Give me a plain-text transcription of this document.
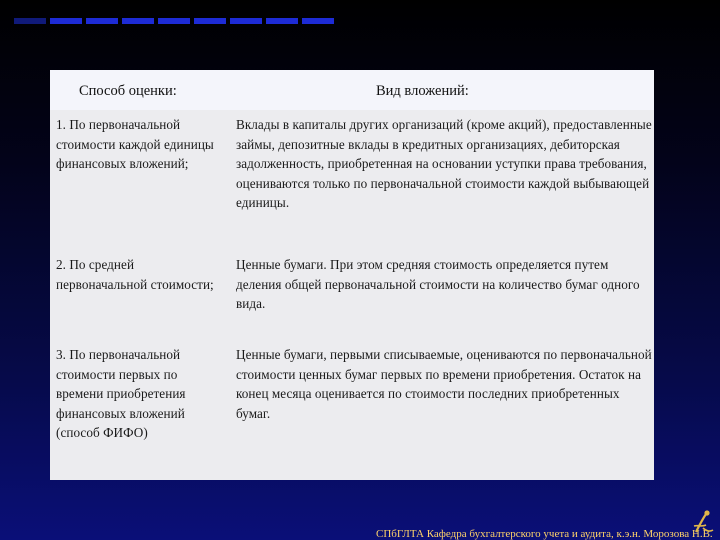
Способ оценки:	Вид вложений:
1. По первоначальной стоимости каждой единицы финансовых вложений;
Вклады в капиталы других организаций (кроме акций), предоставленные займы, депозитные вклады в кредитных организациях, дебиторская задолженность, приобретенная на основании уступки права требования, оцениваются только по первоначальной стоимости каждой выбывающей единицы.
2. По средней первоначальной стоимости;
Ценные бумаги. При этом средняя стоимость определяется путем деления общей первоначальной стоимости на количество бумаг одного вида.
3. По первоначальной стоимости первых по времени приобретения финансовых вложений (способ ФИФО)
Ценные бумаги, первыми списываемые, оцениваются по первоначальной стоимости ценных бумаг первых по времени приобретения. Остаток на конец месяца оценивается по стоимости последних приобретенных бумаг.
СПбГЛТА Кафедра бухгалтерского учета и аудита, к.э.н. Морозова Н.В.
